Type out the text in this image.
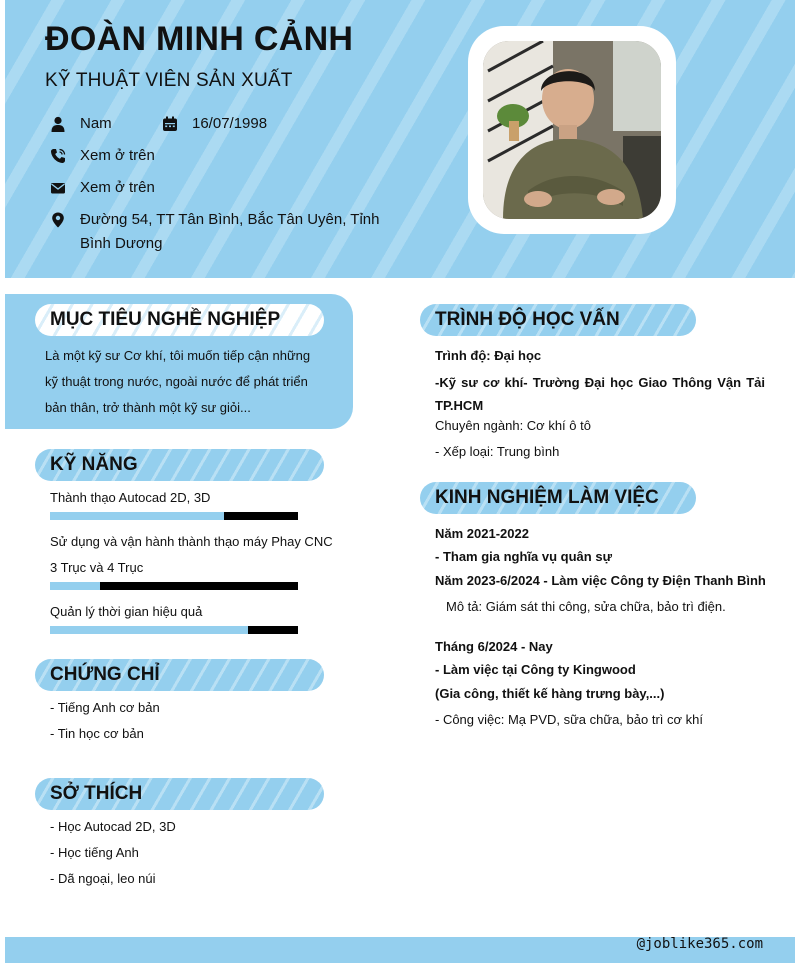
ĐOÀN MINH CẢNH
KỸ THUẬT VIÊN SẢN XUẤT
Nam	16/07/1998
Xem ở trên
Xem ở trên
Đường 54, TT Tân Bình, Bắc Tân Uyên, Tỉnh Bình Dương
MỤC TIÊU NGHỀ NGHIỆP
Là một kỹ sư Cơ khí, tôi muốn tiếp cận những kỹ thuật trong nước, ngoài nước để phát triển bản thân, trở thành một kỹ sư giỏi...
KỸ NĂNG
Thành thạo Autocad 2D, 3D
Sử dụng và vận hành thành thạo máy Phay CNC 3 Trục và 4 Trục
Quản lý thời gian hiệu quả
CHỨNG CHỈ
- Tiếng Anh cơ bản
- Tin học cơ bản
SỞ THÍCH
- Học Autocad 2D, 3D
- Học tiếng Anh
- Dã ngoại, leo núi
TRÌNH ĐỘ HỌC VẤN
Trình độ: Đại học
-Kỹ sư cơ khí- Trường Đại học Giao Thông Vận Tải TP.HCM
Chuyên ngành: Cơ khí ô tô
- Xếp loại: Trung bình
KINH NGHIỆM LÀM VIỆC
Năm 2021-2022
- Tham gia nghĩa vụ quân sự
Năm 2023-6/2024 - Làm việc Công ty Điện Thanh Bình
Mô tả: Giám sát thi công, sửa chữa, bảo trì điện.
Tháng 6/2024 - Nay
- Làm việc tại Công ty Kingwood
(Gia công, thiết kế hàng trưng bày,...)
- Công việc: Mạ PVD, sữa chữa, bảo trì cơ khí
@joblike365.com
